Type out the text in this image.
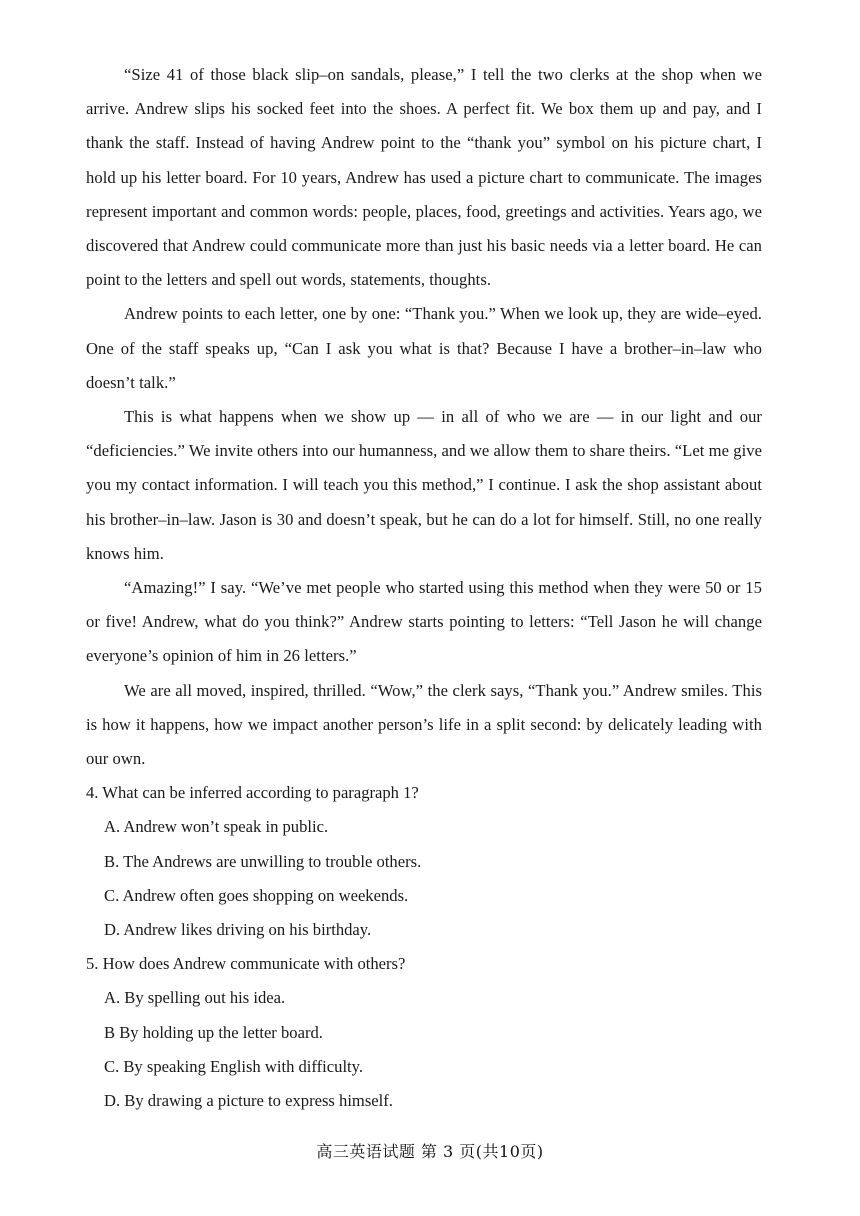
“Size 41 of those black slip–on sandals, please,” I tell the two clerks at the shop when we arrive. Andrew slips his socked feet into the shoes. A perfect fit. We box them up and pay, and I thank the staff. Instead of having Andrew point to the “thank you” symbol on his picture chart, I hold up his letter board. For 10 years, Andrew has used a picture chart to communicate. The images represent important and common words: people, places, food, greetings and activities. Years ago, we discovered that Andrew could communicate more than just his basic needs via a letter board. He can point to the letters and spell out words, statements, thoughts.

Andrew points to each letter, one by one: “Thank you.” When we look up, they are wide–eyed. One of the staff speaks up, “Can I ask you what is that? Because I have a brother–in–law who doesn’t talk.”

This is what happens when we show up — in all of who we are — in our light and our “deficiencies.” We invite others into our humanness, and we allow them to share theirs. “Let me give you my contact information. I will teach you this method,” I continue. I ask the shop assistant about his brother–in–law. Jason is 30 and doesn’t speak, but he can do a lot for himself. Still, no one really knows him.

“Amazing!” I say. “We’ve met people who started using this method when they were 50 or 15 or five! Andrew, what do you think?” Andrew starts pointing to letters: “Tell Jason he will change everyone’s opinion of him in 26 letters.”

We are all moved, inspired, thrilled. “Wow,” the clerk says, “Thank you.” Andrew smiles. This is how it happens, how we impact another person’s life in a split second: by delicately leading with our own.

4. What can be inferred according to paragraph 1?

A. Andrew won’t speak in public.

B. The Andrews are unwilling to trouble others.

C. Andrew often goes shopping on weekends.

D. Andrew likes driving on his birthday.

5. How does Andrew communicate with others?

A. By spelling out his idea.

B By holding up the letter board.

C. By speaking English with difficulty.

D. By drawing a picture to express himself.

高三英语试题 第 3 页(共10页)
